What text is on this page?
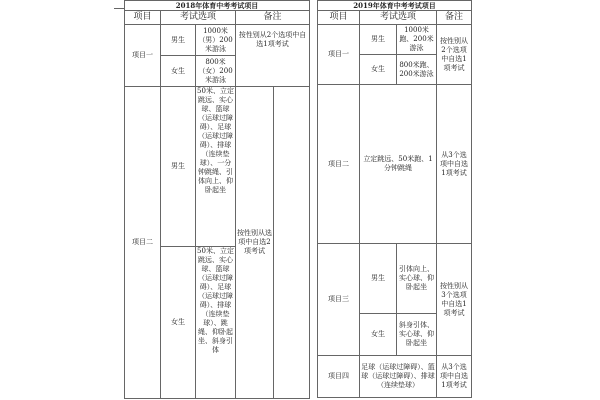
2018年体育中考考试项目				
项目	考试选项		备注	
项目一	男生	1000米（男）200米游泳	按性别从2个选项中自选1项考试	
	女生	800米（女）200米游泳		
项目二	男生	50米、立定跳远、实心球、篮球（运球过障碍）、足球（运球过障碍）、排球（连续垫球）、一分钟跳绳、引体向上、仰卧起坐	按性别从选项中自选2项考试	
	女生	50米、立定跳远、实心球、篮球（运球过障碍）、足球（运球过障碍）、排球（连续垫球）、跳绳、仰卧起坐、斜身引体		
2019年体育中考考试项目			
项目	考试选项		备注
项目一	男生	1000米跑、200米游泳	按性别从2个选项中自选1项考试
	女生	800米跑、200米游泳	
项目二	立定跳远、50米跑、1分钟跳绳		从3个选项中自选1项考试
项目三	男生	引体向上、实心球、仰卧起坐	按性别从3个选项中自选1项考试
	女生	斜身引体、实心球、仰卧起坐	
项目四	足球（运球过障碍）、篮球（运球过障碍）、排球（连续垫球）		从3个选项中自选1项考试
